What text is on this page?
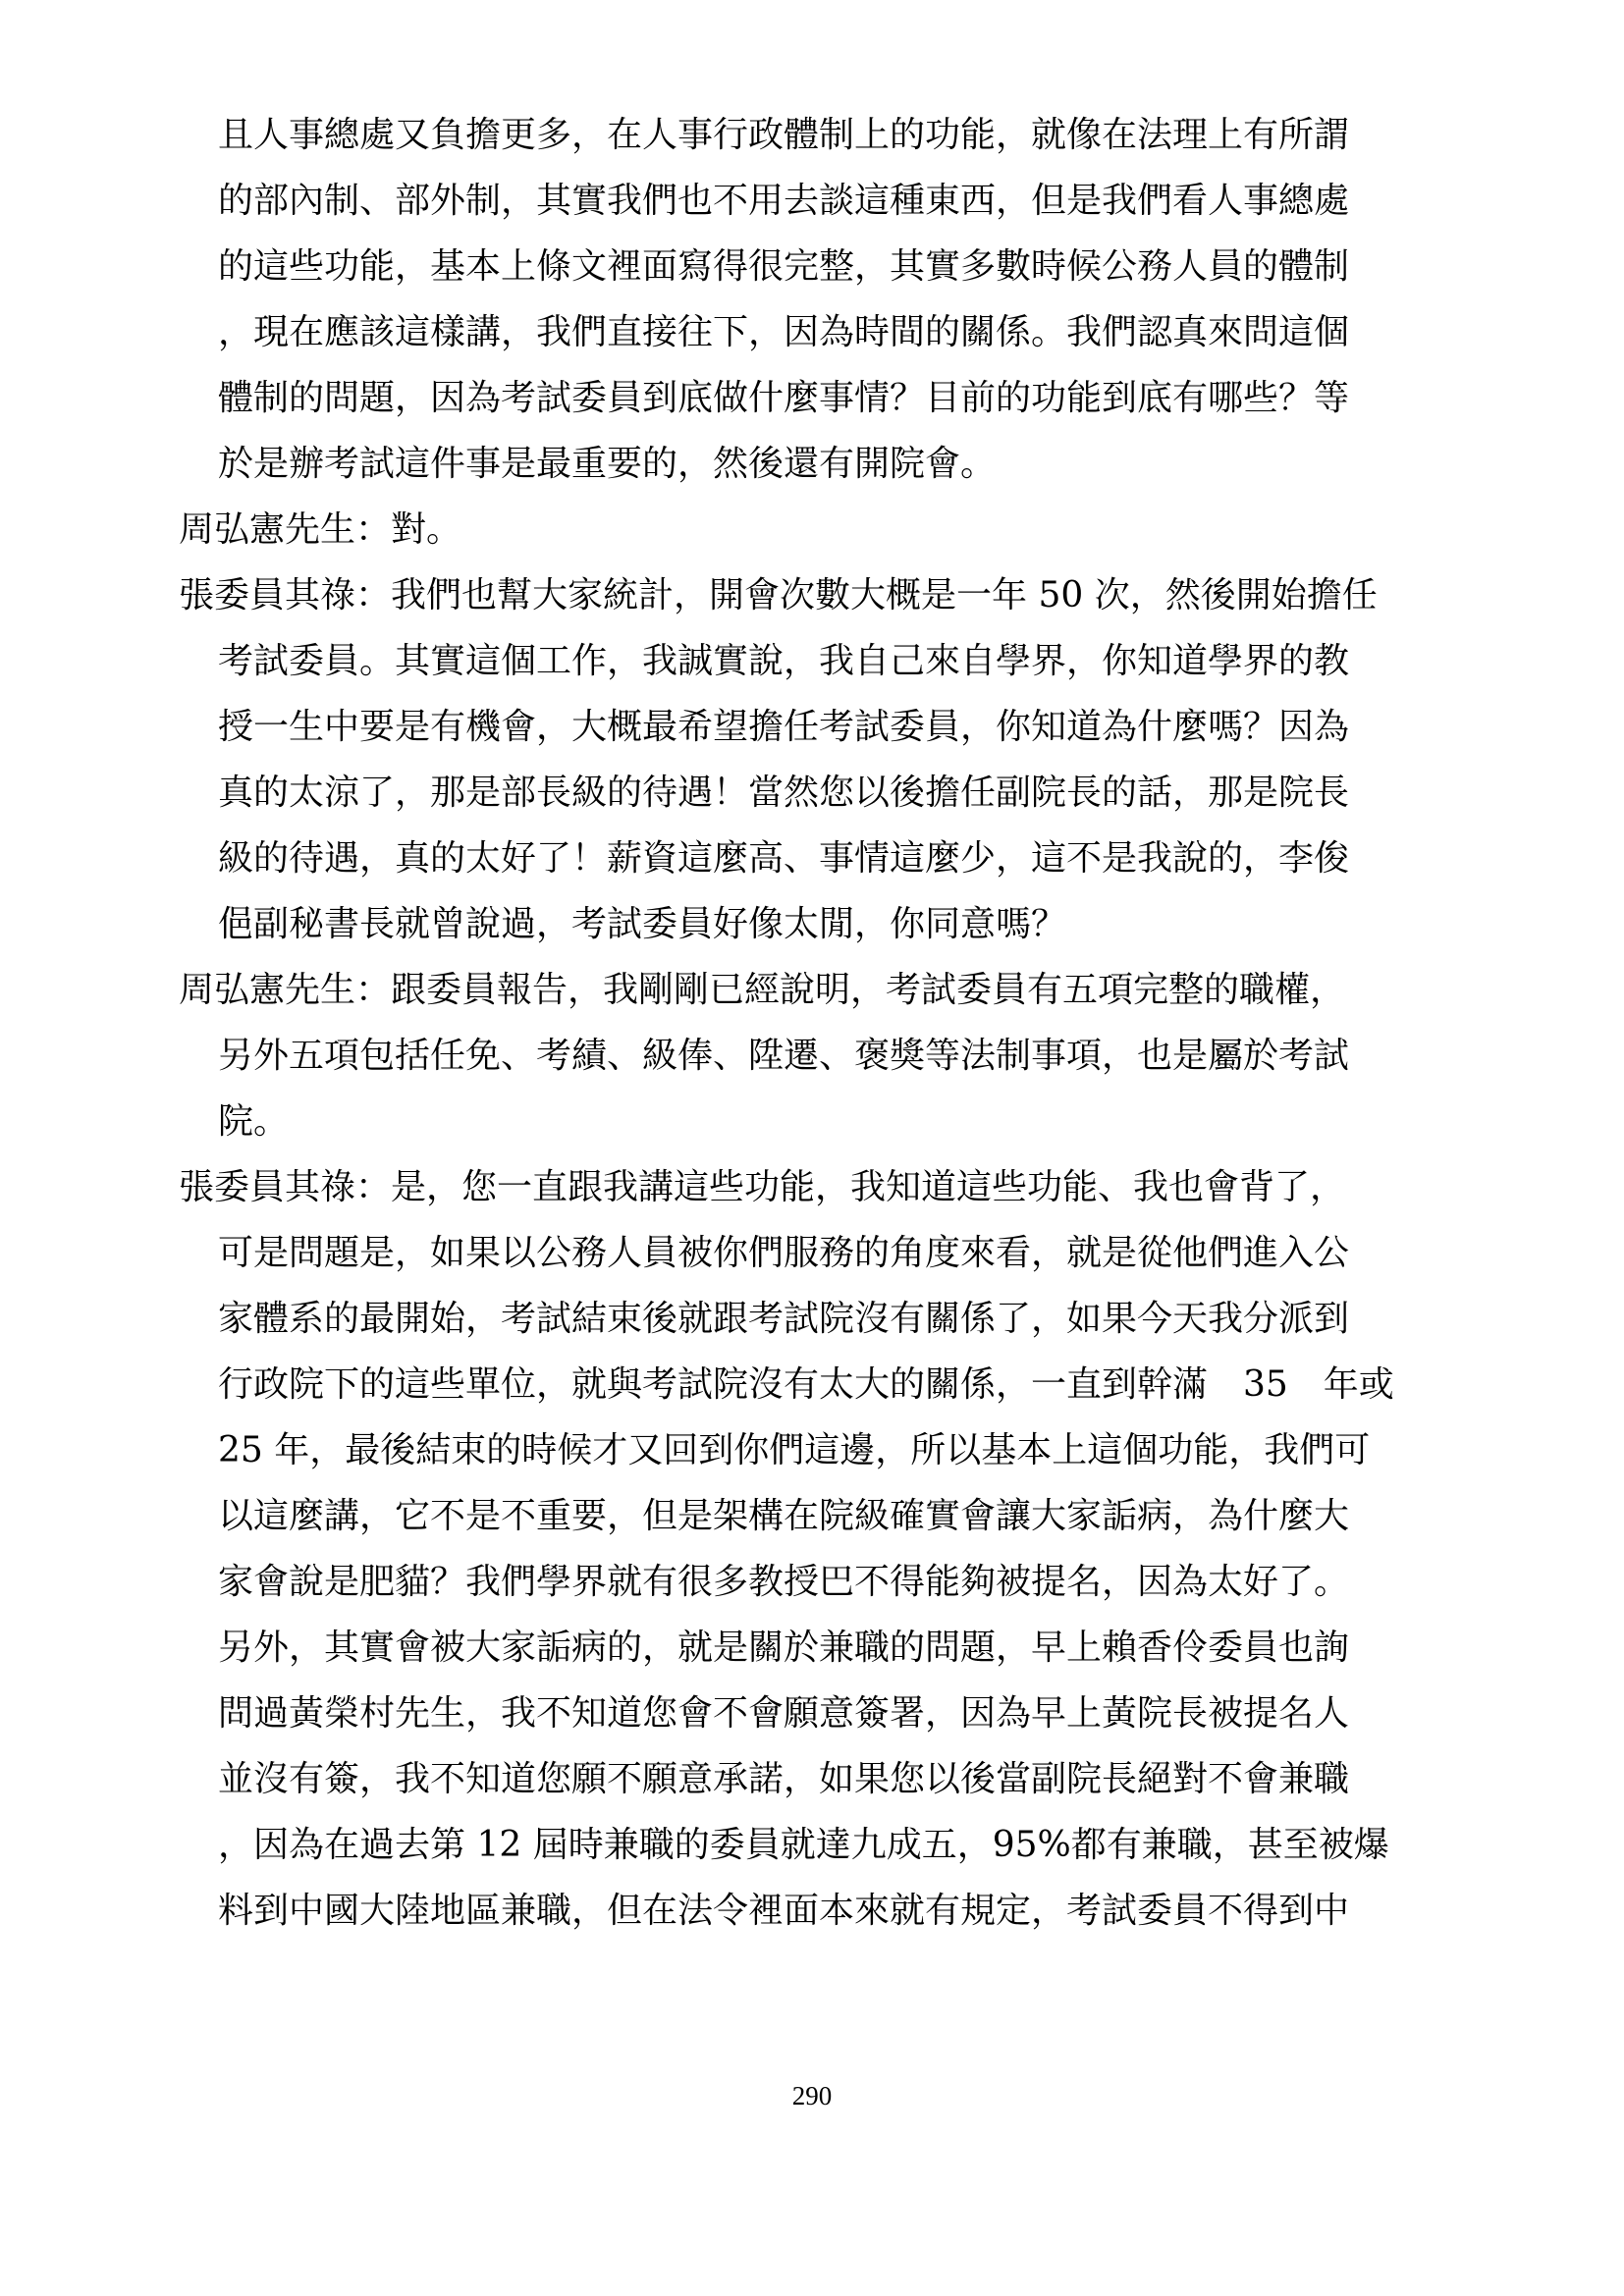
且人事總處又負擔更多，在人事行政體制上的功能，就像在法理上有所謂
的部內制、部外制，其實我們也不用去談這種東西，但是我們看人事總處
的這些功能，基本上條文裡面寫得很完整，其實多數時候公務人員的體制
，現在應該這樣講，我們直接往下，因為時間的關係。我們認真來問這個
體制的問題，因為考試委員到底做什麼事情？目前的功能到底有哪些？等
於是辦考試這件事是最重要的，然後還有開院會。
周弘憲先生：對。
張委員其祿：我們也幫大家統計，開會次數大概是一年 50 次，然後開始擔任
考試委員。其實這個工作，我誠實說，我自己來自學界，你知道學界的教
授一生中要是有機會，大概最希望擔任考試委員，你知道為什麼嗎？因為
真的太涼了，那是部長級的待遇！當然您以後擔任副院長的話，那是院長
級的待遇，真的太好了！薪資這麼高、事情這麼少，這不是我說的，李俊
俋副秘書長就曾說過，考試委員好像太閒，你同意嗎？
周弘憲先生：跟委員報告，我剛剛已經說明，考試委員有五項完整的職權，
另外五項包括任免、考績、級俸、陞遷、褒獎等法制事項，也是屬於考試
院。
張委員其祿：是，您一直跟我講這些功能，我知道這些功能、我也會背了，
可是問題是，如果以公務人員被你們服務的角度來看，就是從他們進入公
家體系的最開始，考試結束後就跟考試院沒有關係了，如果今天我分派到
行政院下的這些單位，就與考試院沒有太大的關係，一直到幹滿　35　年或
25 年，最後結束的時候才又回到你們這邊，所以基本上這個功能，我們可
以這麼講，它不是不重要，但是架構在院級確實會讓大家詬病，為什麼大
家會說是肥貓？我們學界就有很多教授巴不得能夠被提名，因為太好了。
另外，其實會被大家詬病的，就是關於兼職的問題，早上賴香伶委員也詢
問過黃榮村先生，我不知道您會不會願意簽署，因為早上黃院長被提名人
並沒有簽，我不知道您願不願意承諾，如果您以後當副院長絕對不會兼職
，因為在過去第 12 屆時兼職的委員就達九成五，95%都有兼職，甚至被爆
料到中國大陸地區兼職，但在法令裡面本來就有規定，考試委員不得到中
290
